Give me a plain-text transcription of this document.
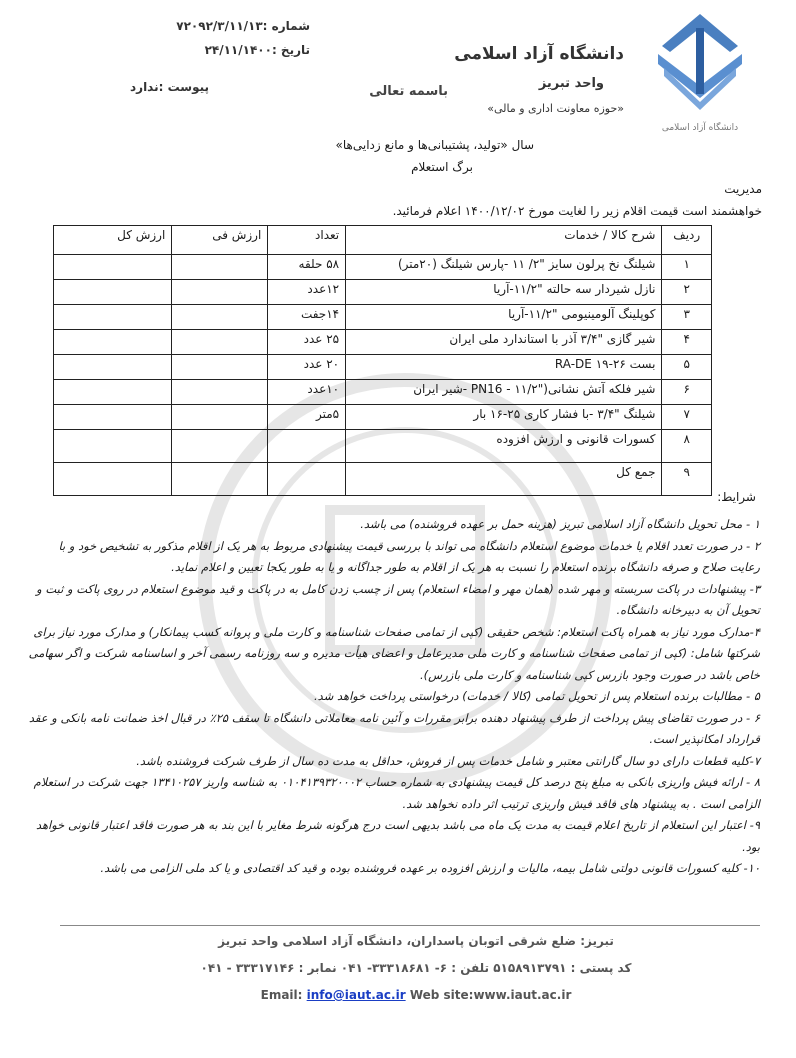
دانشگاه آزاد اسلامی
دانشگاه آزاد اسلامی
واحد تبریز
«حوزه معاونت اداری و مالی»
باسمه تعالی
شماره :۷۲۰۹۲/۳/۱۱/۱۳
تاریخ :۲۴/۱۱/۱۴۰۰
پیوست :ندارد
سال «تولید، پشتیبانی‌ها و مانع زدایی‌ها»
برگ استعلام
مدیریت
خواهشمند است قیمت اقلام زیر را لغایت مورخ ۱۴۰۰/۱۲/۰۲ اعلام فرمائید.
ردیف	شرح کالا / خدمات	تعداد	ارزش فی	ارزش کل
۱	شیلنگ نخ پرلون سایز "۲/ ۱۱ -پارس شیلنگ (۲۰متر)	۵۸ حلقه		
۲	نازل شیردار سه حالته "۱۱/۲-آریا	۱۲عدد		
۳	کوپلینگ آلومینیومی "۱۱/۲-آریا	۱۴جفت		
۴	شیر گازی "۳/۴ آذر با استاندارد ملی ایران	۲۵ عدد		
۵	بست ۲۶-۱۹ RA-DE	۲۰ عدد		
۶	شیر فلکه آتش نشانی("۱۱/۲ - PN16 -شیر ایران	۱۰عدد		
۷	شیلنگ "۳/۴ -با فشار کاری ۲۵-۱۶ بار	۵متر		
۸	کسورات قانونی و ارزش افزوده			
۹	جمع کل			
شرایط:

۱ - محل تحویل دانشگاه آزاد اسلامی تبریز (هزینه حمل بر عهده فروشنده) می باشد.

۲ - در صورت تعدد اقلام یا خدمات موضوع استعلام دانشگاه می تواند با بررسی قیمت پیشنهادی مربوط به هر یک از اقلام مذکور به تشخیص خود و با رعایت صلاح و صرفه دانشگاه برنده استعلام را نسبت به هر یک از اقلام به طور جداگانه و یا به طور یکجا تعیین و اعلام نماید.

۳- پیشنهادات در پاکت سربسته و مهر شده (همان مهر و امضاء استعلام) پس از چسب زدن کامل به در پاکت و قید موضوع استعلام در روی پاکت و ثبت و تحویل آن به دبیرخانه دانشگاه.

۴-مدارک مورد نیاز به همراه پاکت استعلام: شخص حقیقی (کپی از تمامی صفحات شناسنامه و کارت ملی و پروانه کسب پیمانکار) و مدارک مورد نیاز برای شرکتها شامل: (کپی از تمامی صفحات شناسنامه و کارت ملی مدیرعامل و اعضای هیأت مدیره و سه روزنامه رسمی آخر و اساسنامه شرکت و اگر سهامی خاص باشد در صورت وجود بازرس کپی شناسنامه و کارت ملی بازرس).

۵ - مطالبات برنده استعلام پس از تحویل تمامی (کالا / خدمات) درخواستی پرداخت خواهد شد.

۶ - در صورت تقاضای پیش پرداخت از طرف پیشنهاد دهنده برابر مقررات و آئین نامه معاملاتی دانشگاه تا سقف ۲۵٪ در قبال اخذ ضمانت نامه بانکی و عقد قرارداد امکانپذیر است.

۷-کلیه قطعات دارای دو سال گارانتی معتبر و شامل خدمات پس از فروش، حداقل به مدت ده سال از طرف شرکت فروشنده باشد.

۸ - ارائه فیش واریزی بانکی به مبلغ پنج درصد کل قیمت پیشنهادی به شماره حساب ۰۱۰۴۱۳۹۳۲۰۰۰۲ به شناسه واریز ۱۳۴۱۰۲۵۷ جهت شرکت در استعلام الزامی است . به پیشنهاد های فاقد فیش واریزی ترتیب اثر داده نخواهد شد.

۹- اعتبار این استعلام از تاریخ اعلام قیمت به مدت یک ماه می باشد بدیهی است درج هرگونه شرط مغایر با این بند به هر صورت فاقد اعتبار قانونی خواهد بود.

۱۰- کلیه کسورات قانونی دولتی شامل بیمه، مالیات و ارزش افزوده بر عهده فروشنده بوده و قید کد اقتصادی و یا کد ملی الزامی می باشد.

تبریز: ضلع شرقی اتوبان پاسداران، دانشگاه آزاد اسلامی واحد تبریز
کد پستی : ۵۱۵۸۹۱۳۷۹۱ تلفن : ۶- ۳۳۳۱۸۶۸۱- ۰۴۱ نمابر : ۳۳۳۱۷۱۴۶ - ۰۴۱
Email: info@iaut.ac.ir Web site:www.iaut.ac.ir
